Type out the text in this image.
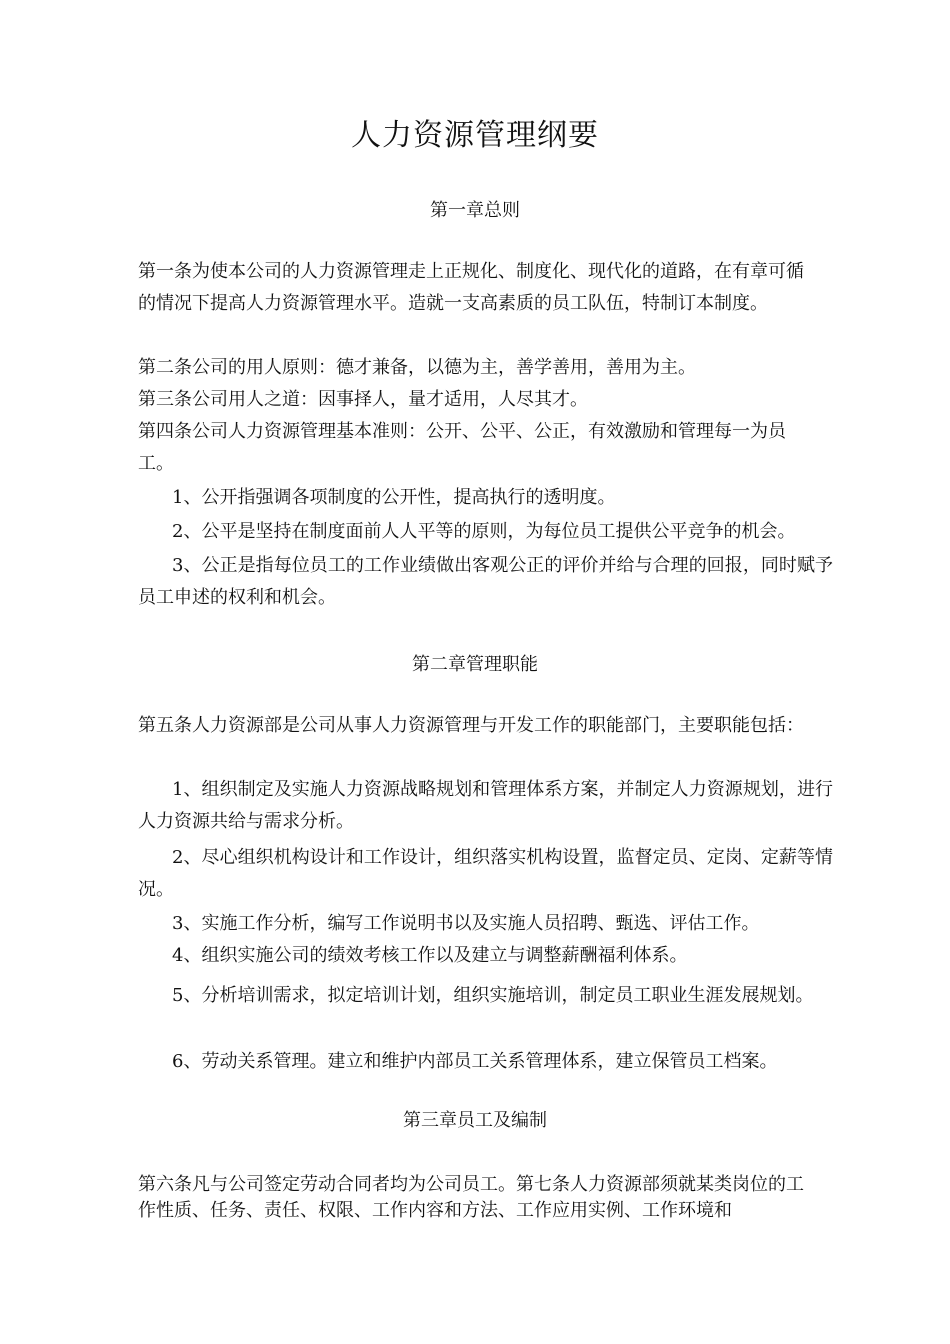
人力资源管理纲要
第一章总则

第一条为使本公司的人力资源管理走上正规化、制度化、现代化的道路，在有章可循的情况下提高人力资源管理水平。造就一支高素质的员工队伍，特制订本制度。

第二条公司的用人原则：德才兼备，以德为主，善学善用，善用为主。

第三条公司用人之道：因事择人，量才适用，人尽其才。

第四条公司人力资源管理基本准则：公开、公平、公正，有效激励和管理每一为员工。

1、公开指强调各项制度的公开性，提高执行的透明度。

2、公平是坚持在制度面前人人平等的原则，为每位员工提供公平竞争的机会。

3、公正是指每位员工的工作业绩做出客观公正的评价并给与合理的回报，同时赋予员工申述的权利和机会。

第二章管理职能

第五条人力资源部是公司从事人力资源管理与开发工作的职能部门，主要职能包括：

1、组织制定及实施人力资源战略规划和管理体系方案，并制定人力资源规划，进行人力资源共给与需求分析。

2、尽心组织机构设计和工作设计，组织落实机构设置，监督定员、定岗、定薪等情况。

3、实施工作分析，编写工作说明书以及实施人员招聘、甄选、评估工作。

4、组织实施公司的绩效考核工作以及建立与调整薪酬福利体系。

5、分析培训需求，拟定培训计划，组织实施培训，制定员工职业生涯发展规划。

6、劳动关系管理。建立和维护内部员工关系管理体系，建立保管员工档案。

第三章员工及编制

第六条凡与公司签定劳动合同者均为公司员工。第七条人力资源部须就某类岗位的工作性质、任务、责任、权限、工作内容和方法、工作应用实例、工作环境和
